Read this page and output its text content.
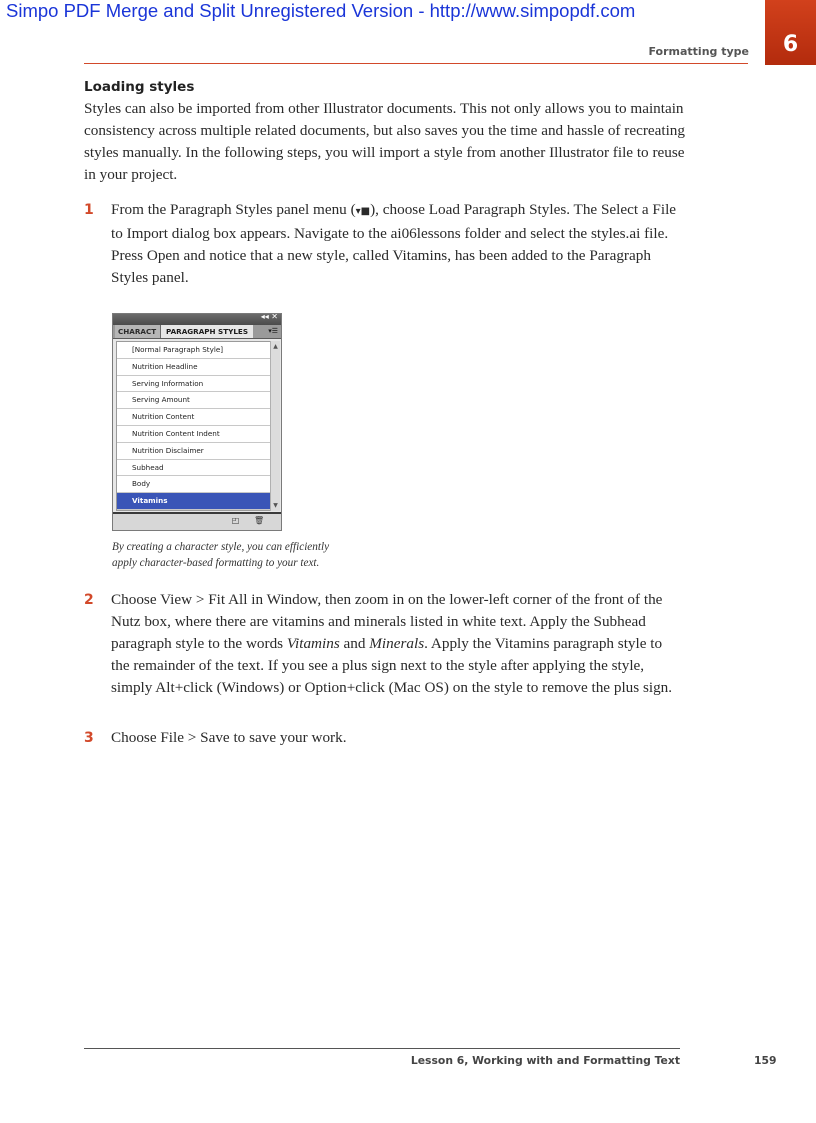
Simpo PDF Merge and Split Unregistered Version - http://www.simpopdf.com
Formatting type	6
Loading styles

Styles can also be imported from other Illustrator documents. This not only allows you to maintain consistency across multiple related documents, but also saves you the time and hassle of recreating styles manually. In the following steps, you will import a style from another Illustrator file to reuse in your project.

1 From the Paragraph Styles panel menu (▾■), choose Load Paragraph Styles. The Select a File to Import dialog box appears. Navigate to the ai06lessons folder and select the styles.ai file. Press Open and notice that a new style, called Vitamins, has been added to the Paragraph Styles panel.

◂◂ ✕
CHARACT	PARAGRAPH STYLES	▾☰
[Normal Paragraph Style]
Nutrition Headline
Serving Information
Serving Amount
Nutrition Content
Nutrition Content Indent
Nutrition Disclaimer
Subhead
Body
Vitamins
▲
▼
◰ 🗑
By creating a character style, you can efficiently
apply character-based formatting to your text.
2 Choose View > Fit All in Window, then zoom in on the lower-left corner of the front of the Nutz box, where there are vitamins and minerals listed in white text. Apply the Subhead paragraph style to the words Vitamins and Minerals. Apply the Vitamins paragraph style to the remainder of the text. If you see a plus sign next to the style after applying the style, simply Alt+click (Windows) or Option+click (Mac OS) on the style to remove the plus sign.

3 Choose File > Save to save your work.

Lesson 6, Working with and Formatting Text	159
